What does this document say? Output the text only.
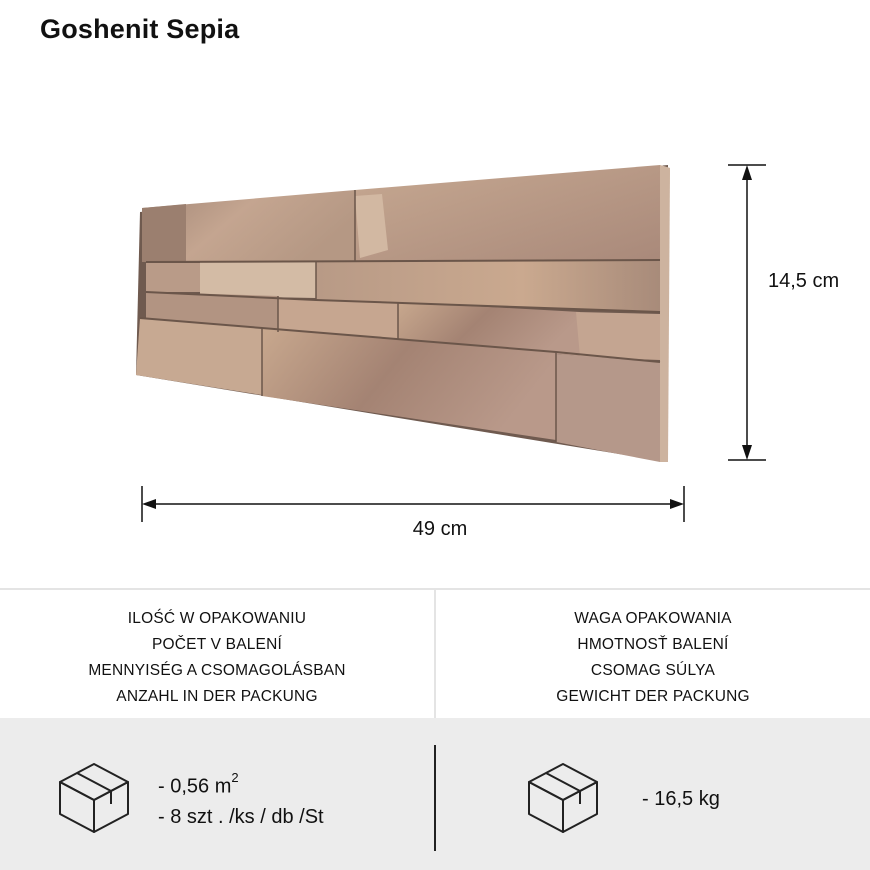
Goshenit Sepia
49 cm
14,5 cm
ILOŚĆ W OPAKOWANIU
POČET V BALENÍ
MENNYISÉG A CSOMAGOLÁSBAN
ANZAHL IN DER PACKUNG
WAGA OPAKOWANIA
HMOTNOSŤ BALENÍ
CSOMAG SÚLYA
GEWICHT DER PACKUNG
- 0,56 $m^2$
- 8 szt . /ks / db /St
- 16,5 kg
